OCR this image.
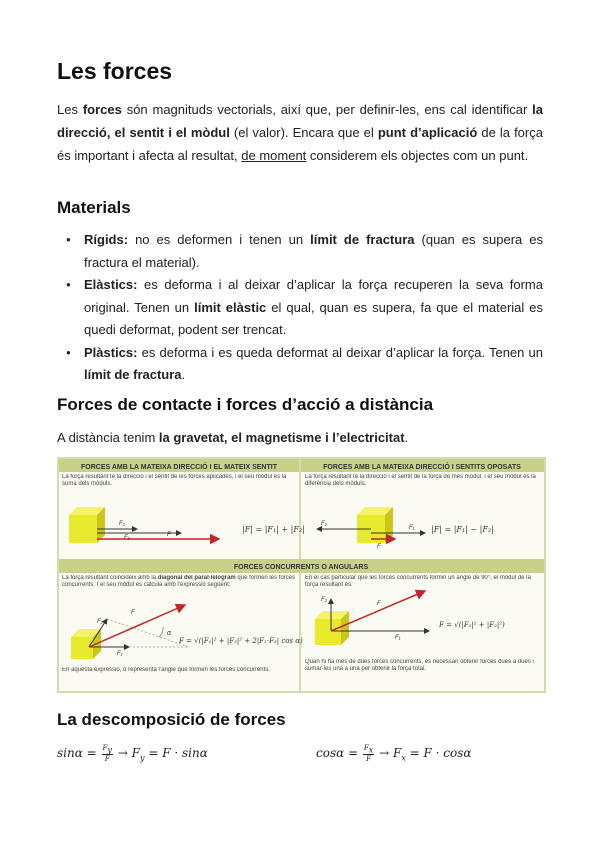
Les forces

Les forces són magnituds vectorials, així que, per definir-les, ens cal identificar la direcció, el sentit i el mòdul (el valor). Encara que el punt d’aplicació de la força és important i afecta al resultat, de moment considerem els objectes com un punt.

Materials
● Rígids: no es deformen i tenen un límit de fractura (quan es supera es fractura el material).
● Elàstics: es deforma i al deixar d’aplicar la força recuperen la seva forma original. Tenen un límit elàstic el qual, quan es supera, fa que el material es quedi deformat, podent ser trencat.
● Plàstics: es deforma i es queda deformat al deixar d’aplicar la força. Tenen un límit de fractura.
Forces de contacte i forces d’acció a distància

A distància tenim la gravetat, el magnetisme i l’electricitat.

La descomposició de forces
FORCES AMB LA MATEIXA DIRECCIÓ I EL MATEIX SENTIT	FORCES AMB LA MATEIXA DIRECCIÓ I SENTITS OPOSATS
FORCES CONCURRENTS O ANGULARS
La força resultant té la direcció i el sentit de les forces aplicades, i el seu mòdul és la suma dels mòduls.
F₂
F₁	F
|F| = |F₁| + |F₂|
La força resultant té la direcció i el sentit de la força de més mòdul, i el seu mòdul és la diferència dels mòduls.
F₂
F₁
F
|F| = |F₁| − |F₂|
La força resultant coincideix amb la diagonal del paral·lelogram que formen les forces concurrents. I el seu mòdul es calcula amb l’expressió següent:
F₂
F₁
F
α
F = √(|F₁|² + |F₂|² + 2|F₁·F₂| cos α)
En aquesta expressió, α representa l’angle que formen les forces concurrents.
En el cas particular que les forces concurrents formin un angle de 90°, el mòdul de la força resultant és:
F₂
F₁
F
F = √(|F₁|² + |F₂|²)
Quan hi ha més de dues forces concurrents, és necessari obtenir forces dues a dues i sumar-les una a una per obtenir la força total.
$\sin\alpha = \frac{F_y}{F} \to F_y = F \cdot \sin\alpha$	$\cos\alpha = \frac{F_x}{F} \to F_x = F \cdot \cos\alpha$
